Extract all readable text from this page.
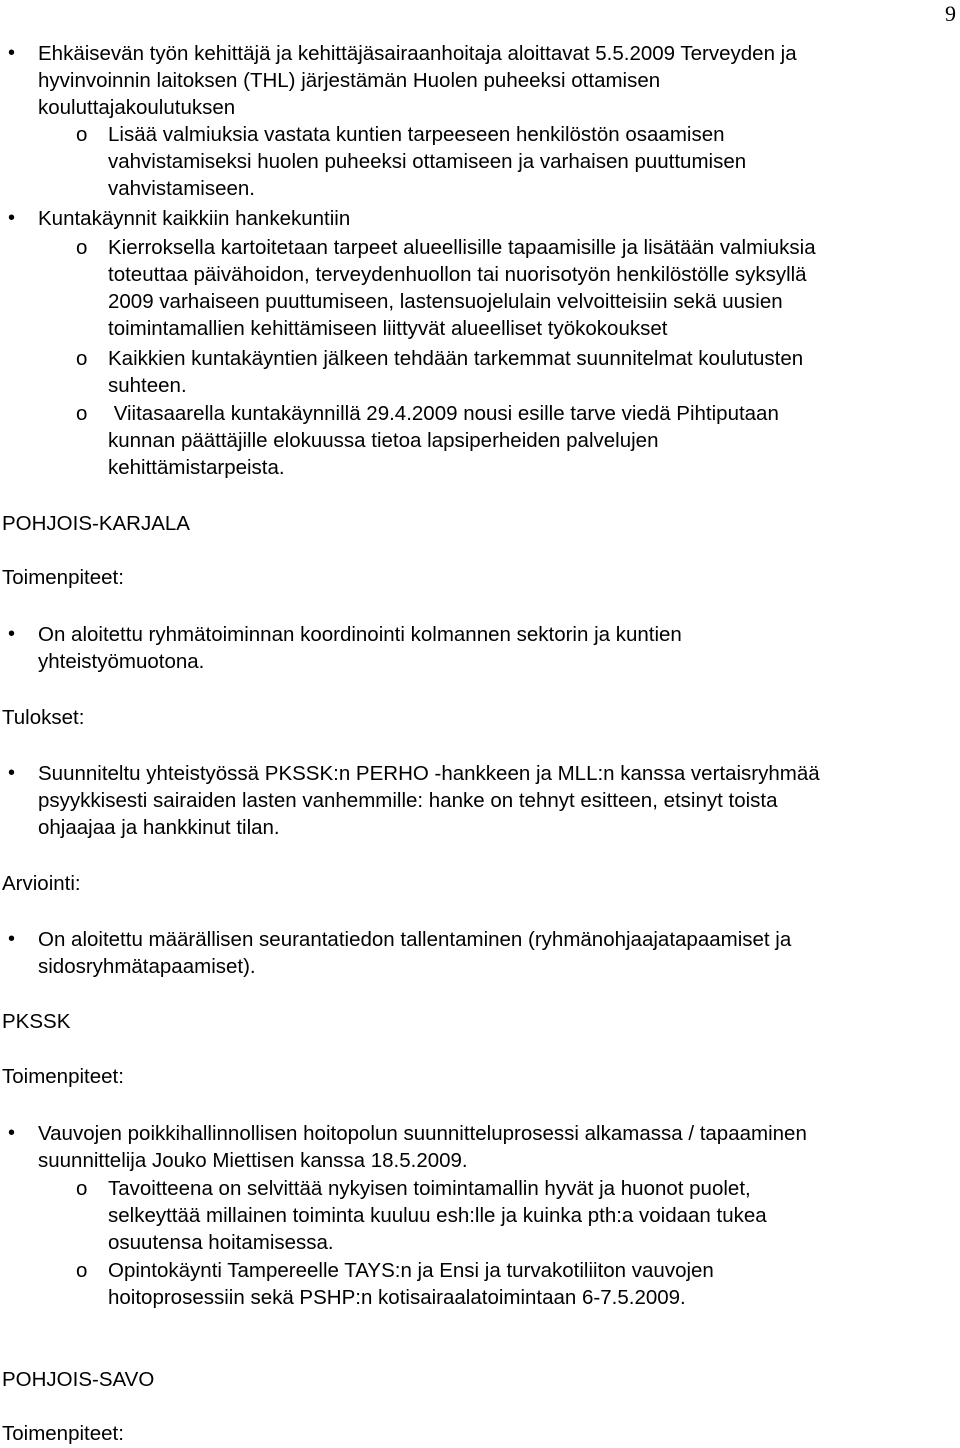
9
• Ehkäisevän työn kehittäjä ja kehittäjäsairaanhoitaja aloittavat 5.5.2009 Terveyden ja
hyvinvoinnin laitoksen (THL) järjestämän Huolen puheeksi ottamisen
kouluttajakoulutuksen
o Lisää valmiuksia vastata kuntien tarpeeseen henkilöstön osaamisen
vahvistamiseksi huolen puheeksi ottamiseen ja varhaisen puuttumisen
vahvistamiseen.
• Kuntakäynnit kaikkiin hankekuntiin
o Kierroksella kartoitetaan tarpeet alueellisille tapaamisille ja lisätään valmiuksia
toteuttaa päivähoidon, terveydenhuollon tai nuorisotyön henkilöstölle syksyllä
2009 varhaiseen puuttumiseen, lastensuojelulain velvoitteisiin sekä uusien
toimintamallien kehittämiseen liittyvät alueelliset työkokoukset
o Kaikkien kuntakäyntien jälkeen tehdään tarkemmat suunnitelmat koulutusten
suhteen.
o Viitasaarella kuntakäynnillä 29.4.2009 nousi esille tarve viedä Pihtiputaan
kunnan päättäjille elokuussa tietoa lapsiperheiden palvelujen
kehittämistarpeista.
POHJOIS-KARJALA
Toimenpiteet:
• On aloitettu ryhmätoiminnan koordinointi kolmannen sektorin ja kuntien
yhteistyömuotona.
Tulokset:
• Suunniteltu yhteistyössä PKSSK:n PERHO -hankkeen ja MLL:n kanssa vertaisryhmää
psyykkisesti sairaiden lasten vanhemmille: hanke on tehnyt esitteen, etsinyt toista
ohjaajaa ja hankkinut tilan.
Arviointi:
• On aloitettu määrällisen seurantatiedon tallentaminen (ryhmänohjaajatapaamiset ja
sidosryhmätapaamiset).
PKSSK
Toimenpiteet:
• Vauvojen poikkihallinnollisen hoitopolun suunnitteluprosessi alkamassa / tapaaminen
suunnittelija Jouko Miettisen kanssa 18.5.2009.
o Tavoitteena on selvittää nykyisen toimintamallin hyvät ja huonot puolet,
selkeyttää millainen toiminta kuuluu esh:lle ja kuinka pth:a voidaan tukea
osuutensa hoitamisessa.
o Opintokäynti Tampereelle TAYS:n ja Ensi ja turvakotiliiton vauvojen
hoitoprosessiin sekä PSHP:n kotisairaalatoimintaan 6-7.5.2009.
POHJOIS-SAVO
Toimenpiteet:
